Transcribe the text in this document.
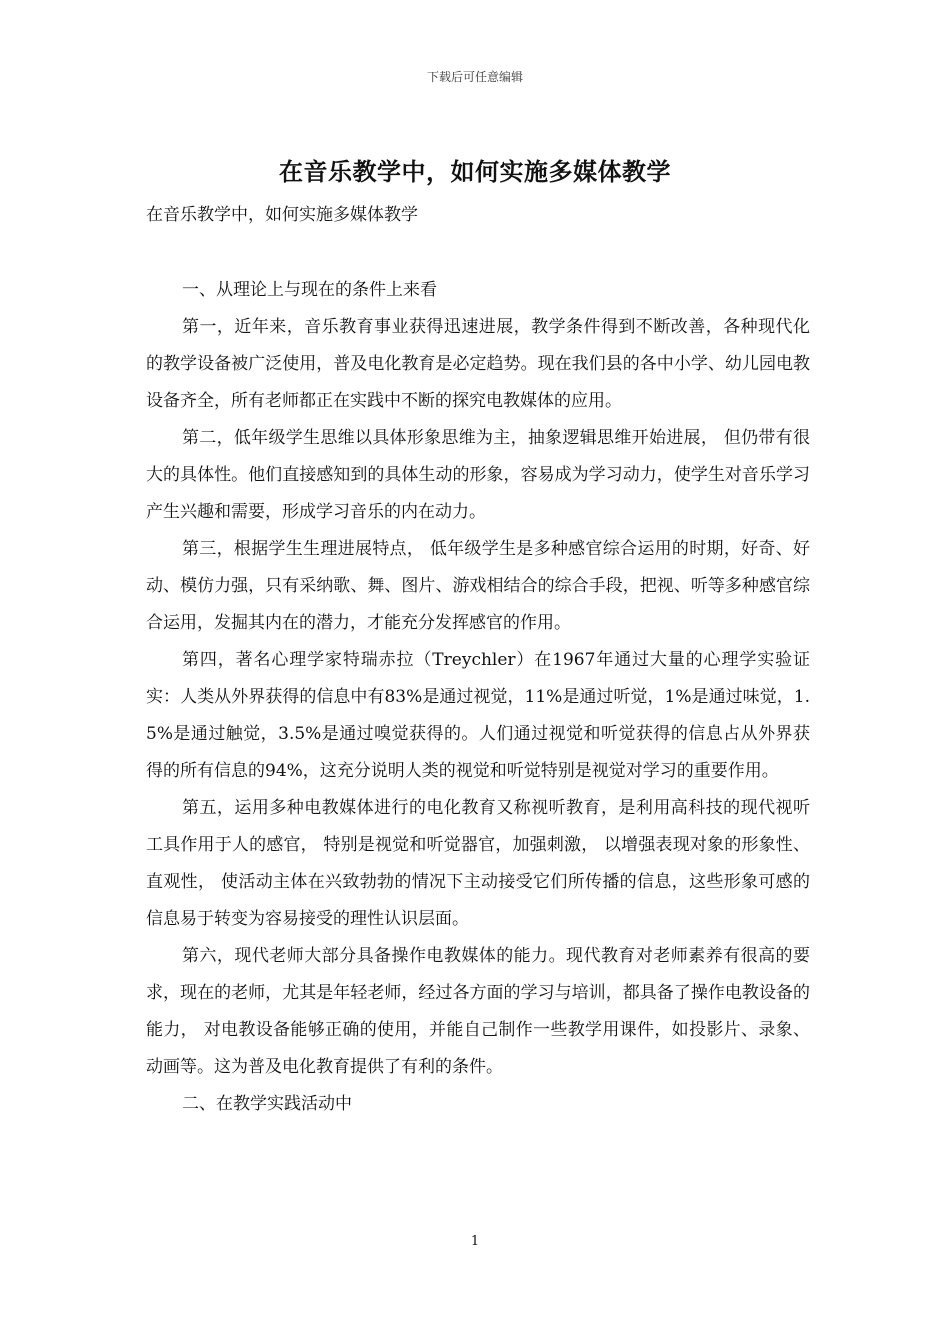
下载后可任意编辑
在音乐教学中，如何实施多媒体教学
在音乐教学中，如何实施多媒体教学

一、从理论上与现在的条件上来看

第一，近年来，音乐教育事业获得迅速进展，教学条件得到不断改善，各种现代化的教学设备被广泛使用，普及电化教育是必定趋势。现在我们县的各中小学、幼儿园电教设备齐全，所有老师都正在实践中不断的探究电教媒体的应用。

第二，低年级学生思维以具体形象思维为主，抽象逻辑思维开始进展， 但仍带有很大的具体性。他们直接感知到的具体生动的形象，容易成为学习动力，使学生对音乐学习产生兴趣和需要，形成学习音乐的内在动力。

第三，根据学生生理进展特点， 低年级学生是多种感官综合运用的时期，好奇、好动、模仿力强，只有采纳歌、舞、图片、游戏相结合的综合手段，把视、听等多种感官综合运用，发掘其内在的潜力，才能充分发挥感官的作用。

第四，著名心理学家特瑞赤拉（Treychler）在1967年通过大量的心理学实验证实：人类从外界获得的信息中有83%是通过视觉，11%是通过听觉，1%是通过味觉，1.5%是通过触觉，3.5%是通过嗅觉获得的。人们通过视觉和听觉获得的信息占从外界获得的所有信息的94%，这充分说明人类的视觉和听觉特别是视觉对学习的重要作用。

第五，运用多种电教媒体进行的电化教育又称视听教育，是利用高科技的现代视听工具作用于人的感官， 特别是视觉和听觉器官，加强刺激， 以增强表现对象的形象性、直观性， 使活动主体在兴致勃勃的情况下主动接受它们所传播的信息，这些形象可感的信息易于转变为容易接受的理性认识层面。

第六，现代老师大部分具备操作电教媒体的能力。现代教育对老师素养有很高的要求，现在的老师，尤其是年轻老师，经过各方面的学习与培训，都具备了操作电教设备的能力， 对电教设备能够正确的使用，并能自己制作一些教学用课件，如投影片、录象、动画等。这为普及电化教育提供了有利的条件。

二、在教学实践活动中

1
